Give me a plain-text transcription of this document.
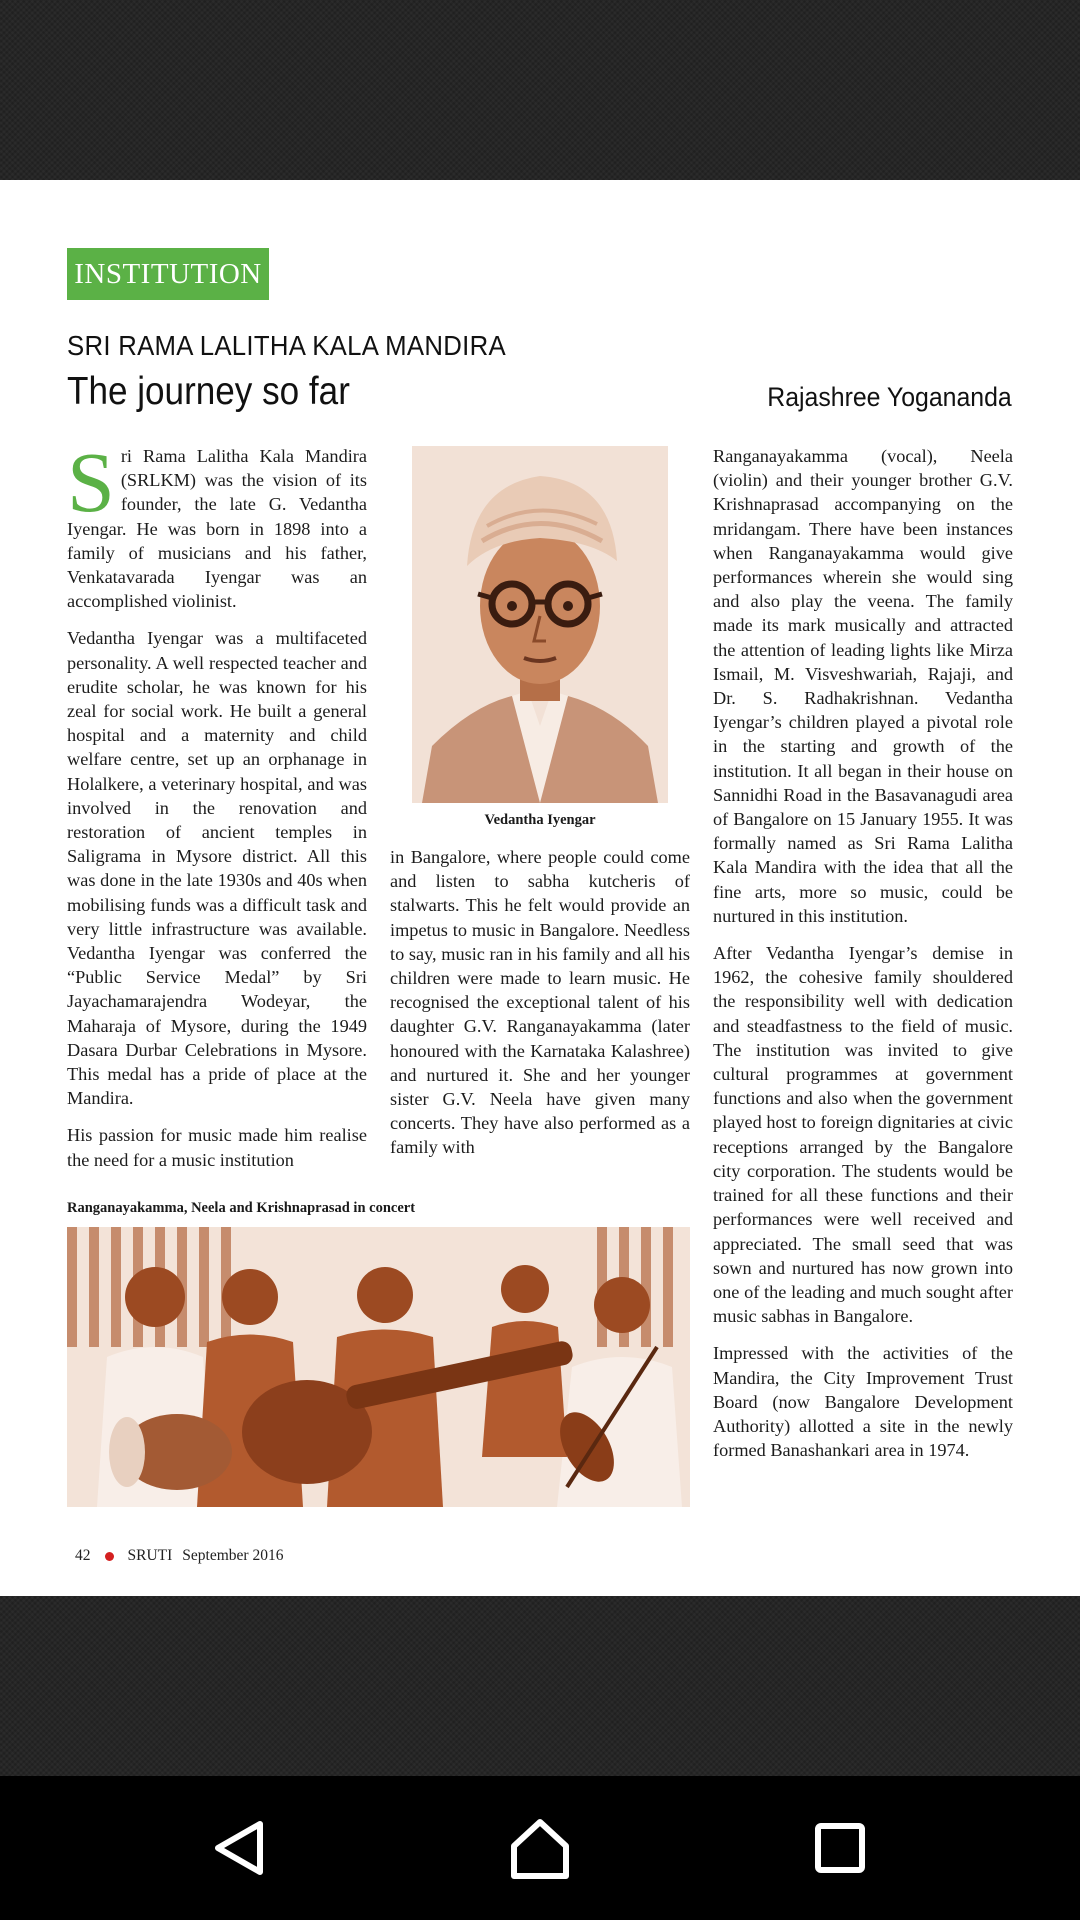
INSTITUTION
SRI RAMA LALITHA KALA MANDIRA
The journey so far	Rajashree Yogananda

Sri Rama Lalitha Kala Mandira (SRLKM) was the vision of its founder, the late G. Vedantha Iyengar. He was born in 1898 into a family of musicians and his father, Venkatavarada Iyengar was an accomplished violinist.

Vedantha Iyengar was a multifaceted personality. A well respected teacher and erudite scholar, he was known for his zeal for social work. He built a general hospital and a maternity and child welfare centre, set up an orphanage in Holalkere, a veterinary hospital, and was involved in the renovation and restoration of ancient temples in Saligrama in Mysore district. All this was done in the late 1930s and 40s when mobilising funds was a difficult task and very little infrastructure was available. Vedantha Iyengar was conferred the “Public Service Medal” by Sri Jayachamarajendra Wodeyar, the Maharaja of Mysore, during the 1949 Dasara Durbar Celebrations in Mysore. This medal has a pride of place at the Mandira.

His passion for music made him realise the need for a music institution

Vedantha Iyengar

in Bangalore, where people could come and listen to sabha kutcheris of stalwarts. This he felt would provide an impetus to music in Bangalore. Needless to say, music ran in his family and all his children were made to learn music. He recognised the exceptional talent of his daughter G.V. Ranganayakamma (later honoured with the Karnataka Kalashree) and nurtured it. She and her younger sister G.V. Neela have given many concerts. They have also performed as a family with

Ranganayakamma (vocal), Neela (violin) and their younger brother G.V. Krishnaprasad accompanying on the mridangam. There have been instances when Ranganayakamma would give performances wherein she would sing and also play the veena. The family made its mark musically and attracted the attention of leading lights like Mirza Ismail, M. Visveshwariah, Rajaji, and Dr. S. Radhakrishnan. Vedantha Iyengar’s children played a pivotal role in the starting and growth of the institution. It all began in their house on Sannidhi Road in the Basavanagudi area of Bangalore on 15 January 1955. It was formally named as Sri Rama Lalitha Kala Mandira with the idea that all the fine arts, more so music, could be nurtured in this institution.

After Vedantha Iyengar’s demise in 1962, the cohesive family shouldered the responsibility well with dedication and steadfastness to the field of music. The institution was invited to give cultural programmes at government functions and also when the government played host to foreign dignitaries at civic receptions arranged by the Bangalore city corporation. The students would be trained for all these functions and their performances were well received and appreciated. The small seed that was sown and nurtured has now grown into one of the leading and much sought after music sabhas in Bangalore.

Impressed with the activities of the Mandira, the City Improvement Trust Board (now Bangalore Development Authority) allotted a site in the newly formed Banashankari area in 1974.

Ranganayakamma, Neela and Krishnaprasad in concert
42 SRUTI September 2016
